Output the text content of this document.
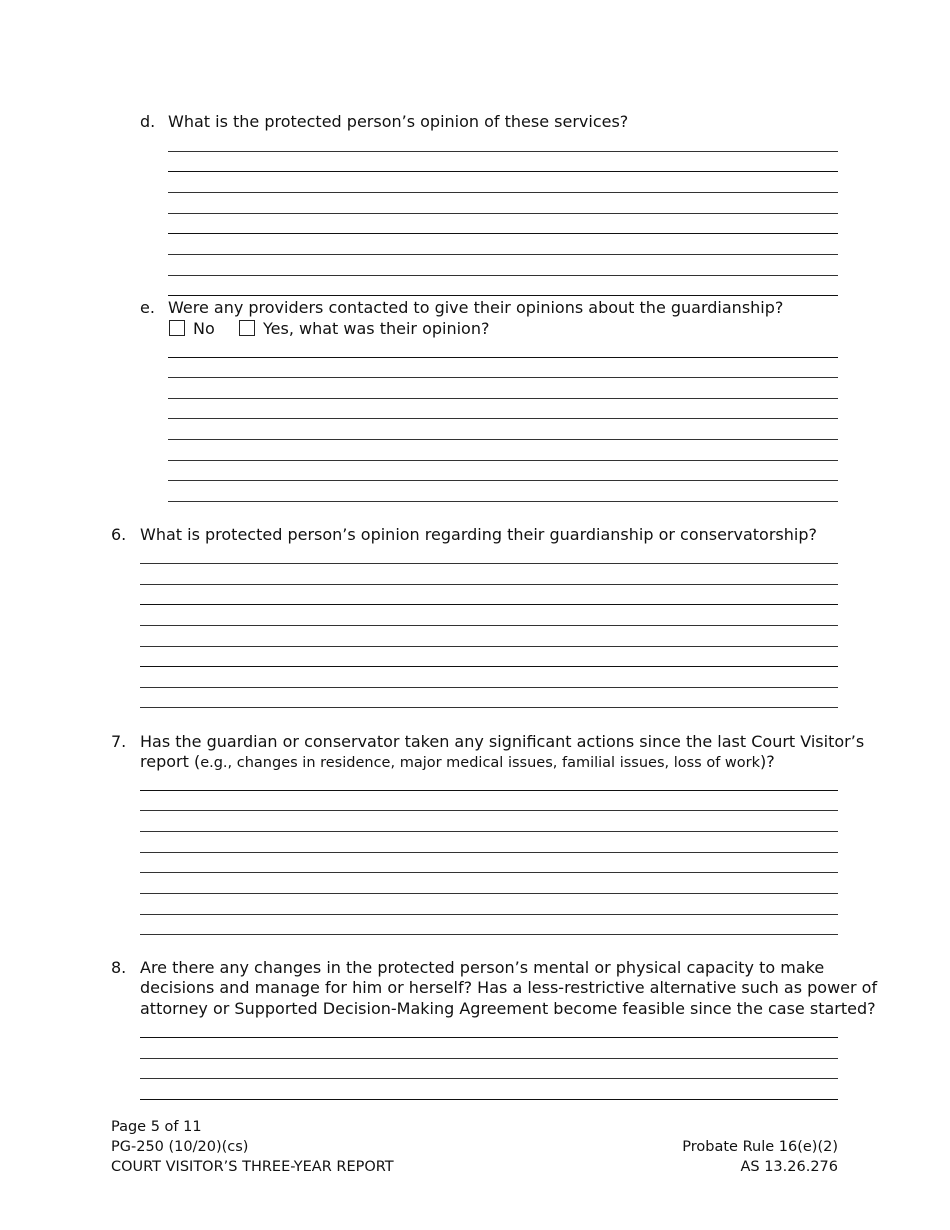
d. What is the protected person’s opinion of these services?
e. Were any providers contacted to give their opinions about the guardianship?
No	Yes, what was their opinion?
6. What is protected person’s opinion regarding their guardianship or conservatorship?
7. Has the guardian or conservator taken any significant actions since the last Court Visitor’s
report (e.g., changes in residence, major medical issues, familial issues, loss of work)?
8. Are there any changes in the protected person’s mental or physical capacity to make
decisions and manage for him or herself? Has a less-restrictive alternative such as power of
attorney or Supported Decision-Making Agreement become feasible since the case started?
Page 5 of 11
PG-250 (10/20)(cs)
COURT VISITOR’S THREE-YEAR REPORT
Probate Rule 16(e)(2)
AS 13.26.276
